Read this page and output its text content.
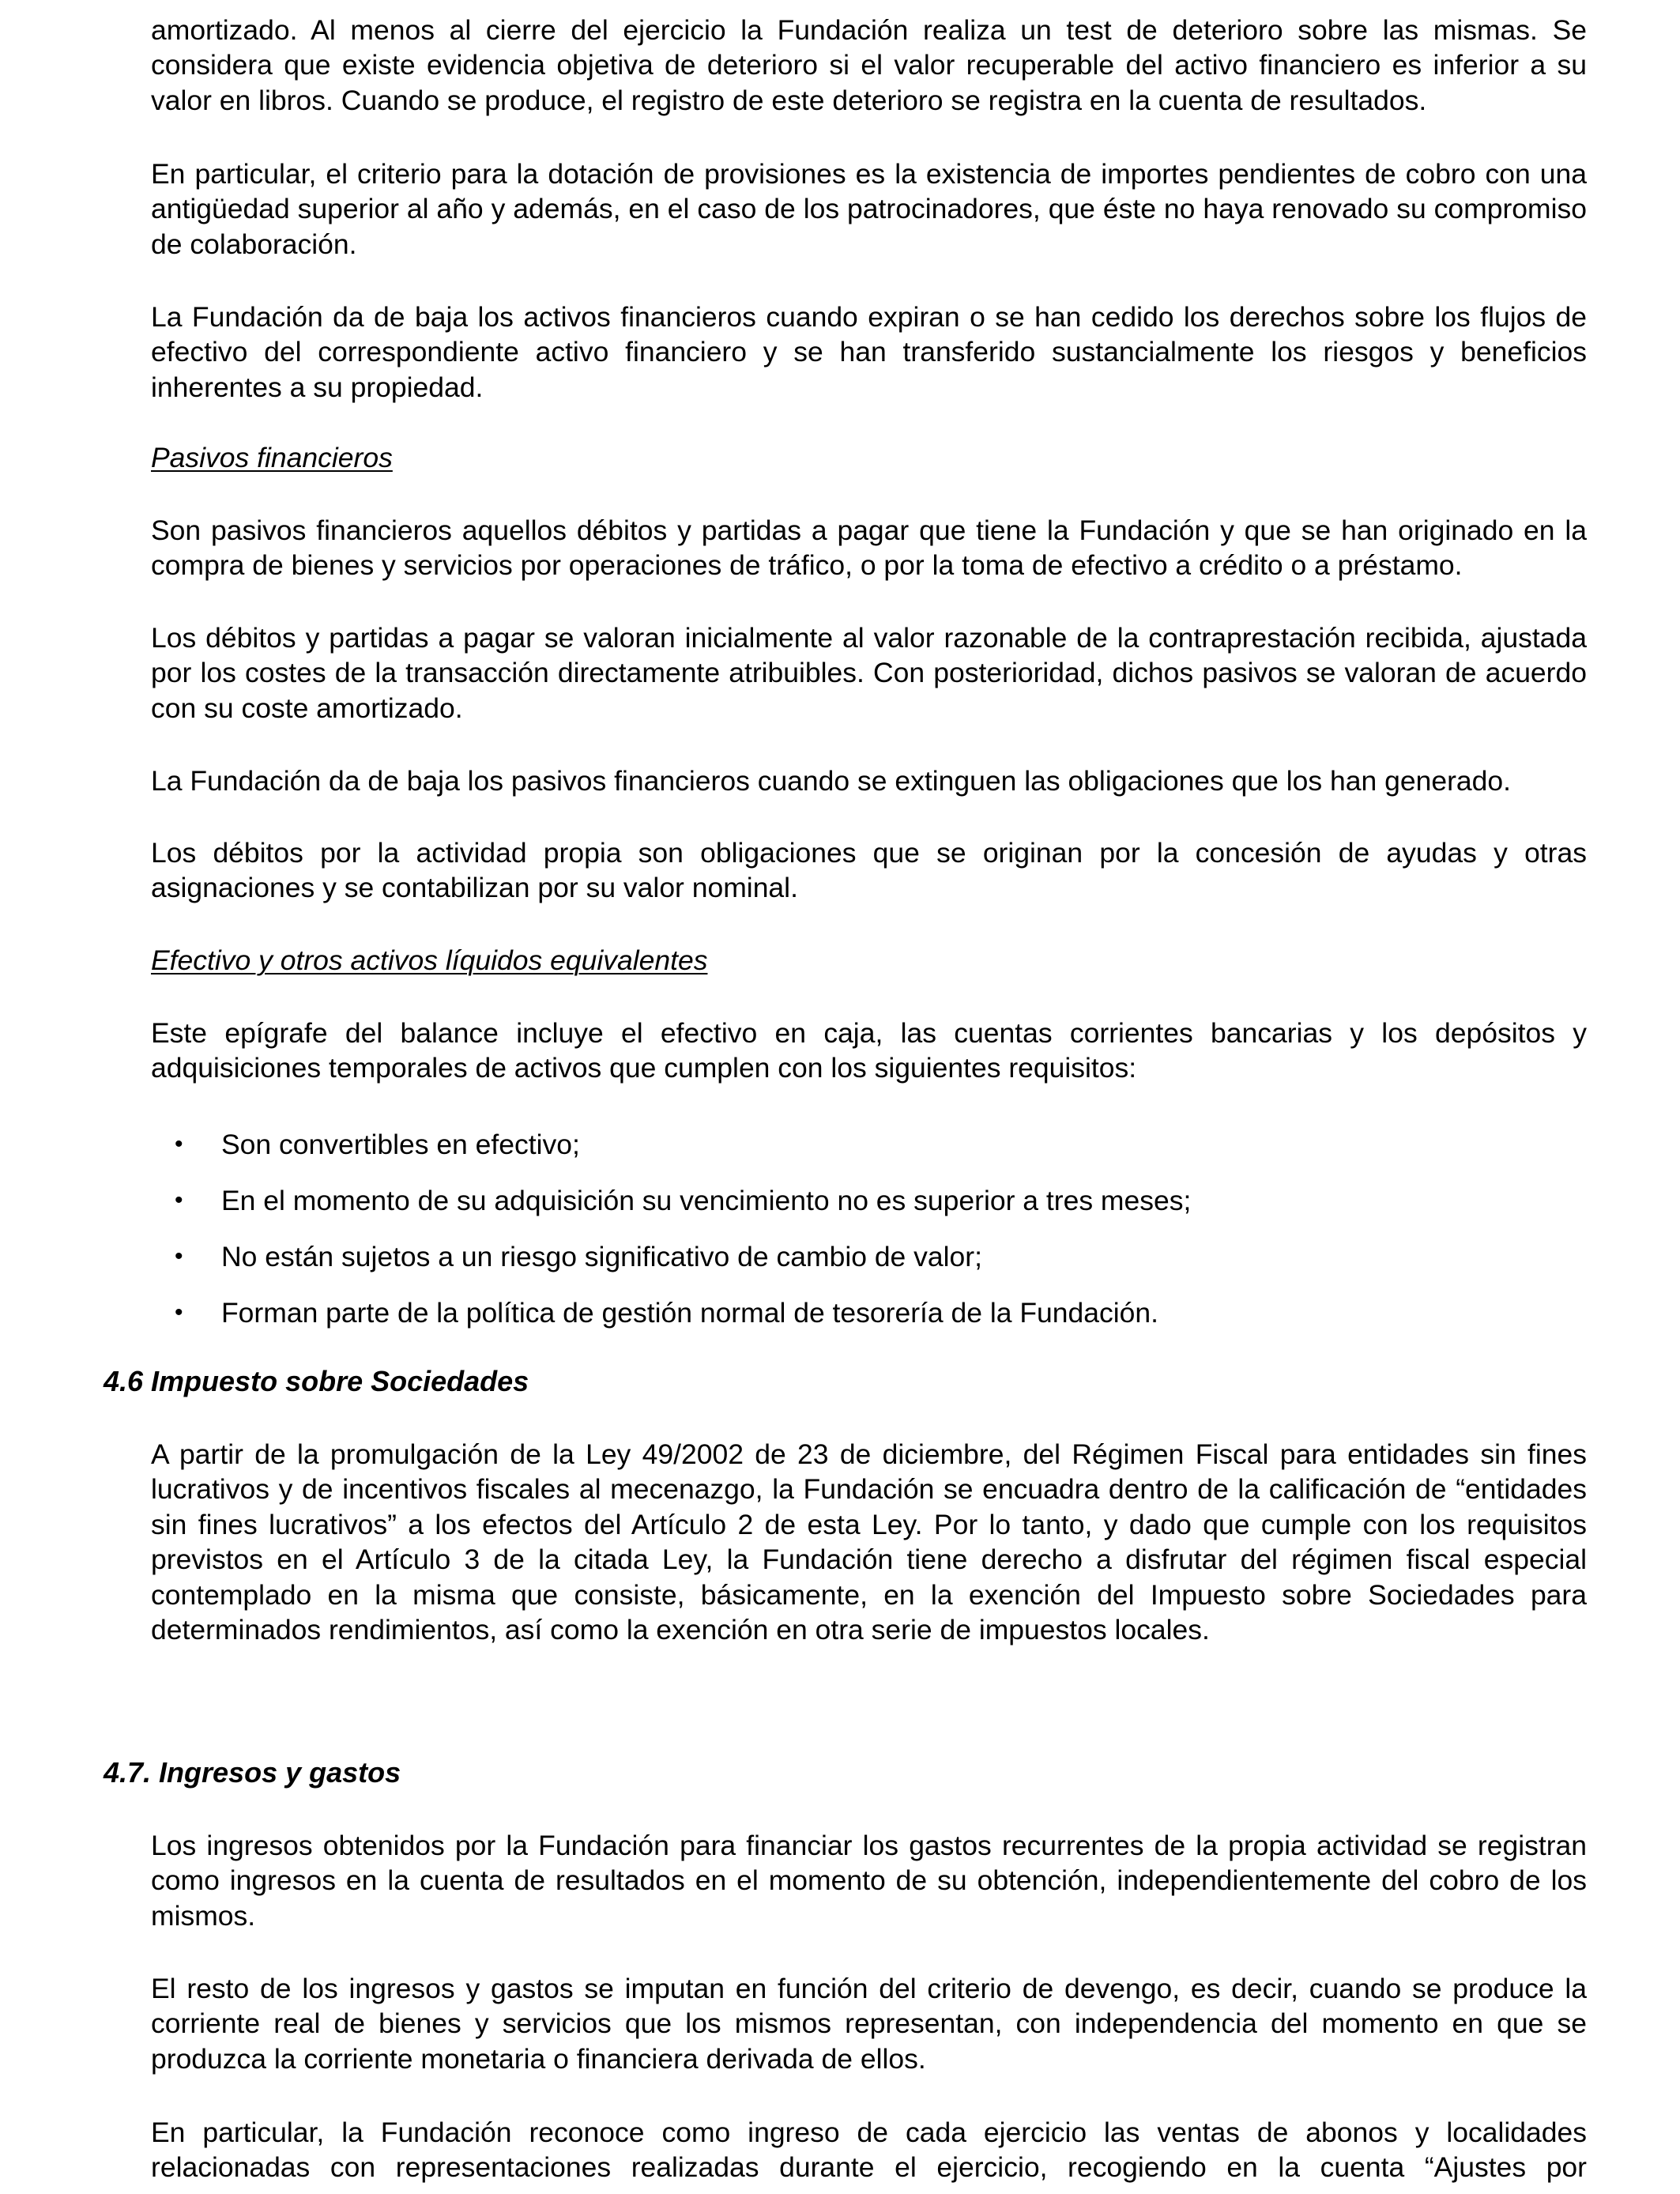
amortizado. Al menos al cierre del ejercicio la Fundación realiza un test de deterioro sobre las mismas. Se considera que existe evidencia objetiva de deterioro si el valor recuperable del activo financiero es inferior a su valor en libros. Cuando se produce, el registro de este deterioro se registra en la cuenta de resultados.

En particular, el criterio para la dotación de provisiones es la existencia de importes pendientes de cobro con una antigüedad superior al año y además, en el caso de los patrocinadores, que éste no haya renovado su compromiso de colaboración.

La Fundación da de baja los activos financieros cuando expiran o se han cedido los derechos sobre los flujos de efectivo del correspondiente activo financiero y se han transferido sustancialmente los riesgos y beneficios inherentes a su propiedad.

Pasivos financieros

Son pasivos financieros aquellos débitos y partidas a pagar que tiene la Fundación y que se han originado en la compra de bienes y servicios por operaciones de tráfico, o por la toma de efectivo a crédito o a préstamo.

Los débitos y partidas a pagar se valoran inicialmente al valor razonable de la contraprestación recibida, ajustada por los costes de la transacción directamente atribuibles. Con posterioridad, dichos pasivos se valoran de acuerdo con su coste amortizado.

La Fundación da de baja los pasivos financieros cuando se extinguen las obligaciones que los han generado.

Los débitos por la actividad propia son obligaciones que se originan por la concesión de ayudas y otras asignaciones y se contabilizan por su valor nominal.

Efectivo y otros activos líquidos equivalentes

Este epígrafe del balance incluye el efectivo en caja, las cuentas corrientes bancarias y los depósitos y adquisiciones temporales de activos que cumplen con los siguientes requisitos:

• Son convertibles en efectivo;
• En el momento de su adquisición su vencimiento no es superior a tres meses;
• No están sujetos a un riesgo significativo de cambio de valor;
• Forman parte de la política de gestión normal de tesorería de la Fundación.
4.6 Impuesto sobre Sociedades

A partir de la promulgación de la Ley 49/2002 de 23 de diciembre, del Régimen Fiscal para entidades sin fines lucrativos y de incentivos fiscales al mecenazgo, la Fundación se encuadra dentro de la calificación de “entidades sin fines lucrativos” a los efectos del Artículo 2 de esta Ley. Por lo tanto, y dado que cumple con los requisitos previstos en el Artículo 3 de la citada Ley, la Fundación tiene derecho a disfrutar del régimen fiscal especial contemplado en la misma que consiste, básicamente, en la exención del Impuesto sobre Sociedades para determinados rendimientos, así como la exención en otra serie de impuestos locales.

4.7. Ingresos y gastos

Los ingresos obtenidos por la Fundación para financiar los gastos recurrentes de la propia actividad se registran como ingresos en la cuenta de resultados en el momento de su obtención, independientemente del cobro de los mismos.

El resto de los ingresos y gastos se imputan en función del criterio de devengo, es decir, cuando se produce la corriente real de bienes y servicios que los mismos representan, con independencia del momento en que se produzca la corriente monetaria o financiera derivada de ellos.

En particular, la Fundación reconoce como ingreso de cada ejercicio las ventas de abonos y localidades relacionadas con representaciones realizadas durante el ejercicio, recogiendo en la cuenta “Ajustes por
